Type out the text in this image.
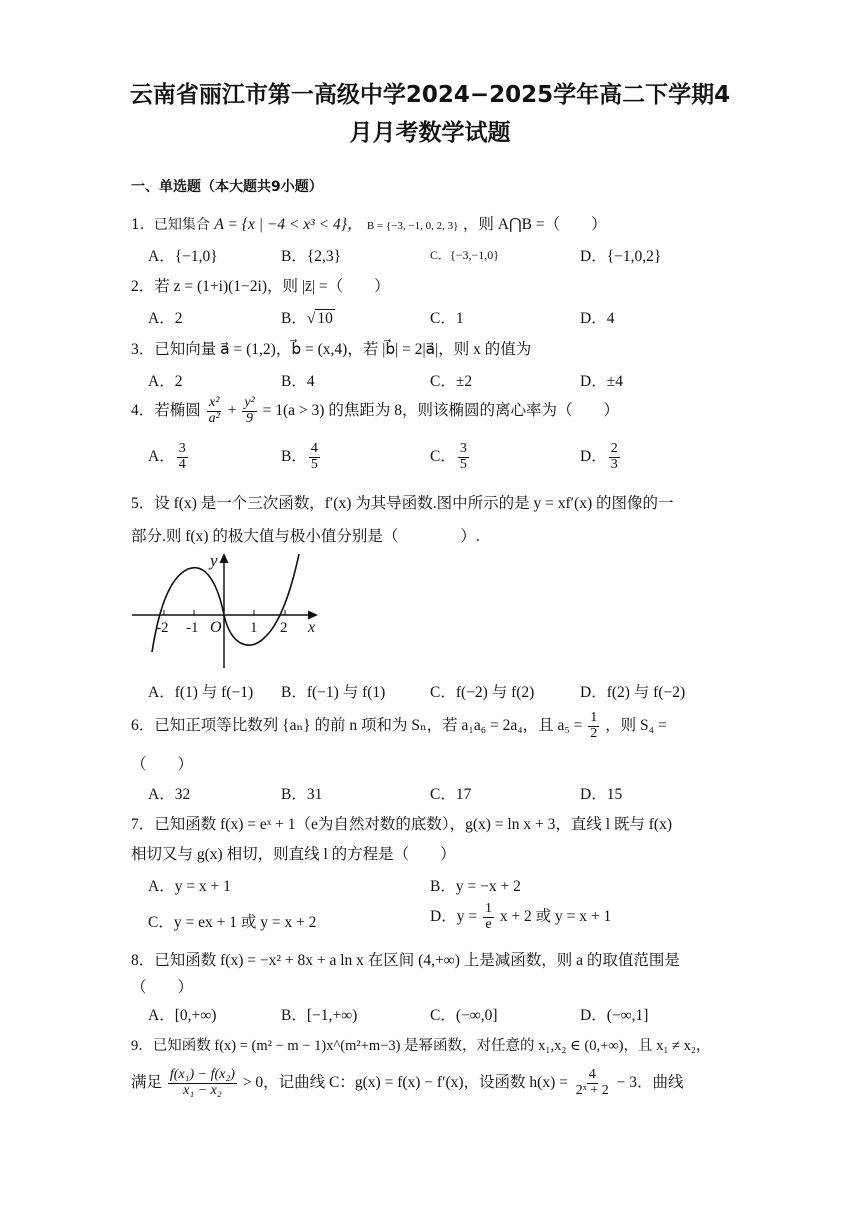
云南省丽江市第一高级中学2024−2025学年高二下学期4
月月考数学试题
一、单选题（本大题共9小题）
1．已知集合 A = {x | −4 < x³ < 4}， B = {−3, −1, 0, 2, 3} ，则 A⋂B =（　　）
A．{−1,0}	B．{2,3}	C．{−3,−1,0}	D．{−1,0,2}
2．若 z = (1+i)(1−2i)，则 |z̄| =（　　）
A．2	B．√ 10	C．1	D．4
3．已知向量 a⃗ = (1,2)，b⃗ = (x,4)，若 |b⃗| = 2|a⃗|，则 x 的值为
A．2	B．4	C．±2	D．±4
4．若椭圆 $\frac{\text{x²}}{\text{a²}} + \frac{\text{y²}}{9} = 1(a > 3)$ 的焦距为 8，则该椭圆的离心率为（　　）
A． $\frac{3}{4}$	B． $\frac{4}{5}$	C． $\frac{3}{5}$	D． $\frac{2}{3}$
5．设 f(x) 是一个三次函数，f′(x) 为其导函数.图中所示的是 y = xf′(x) 的图像的一
部分.则 f(x) 的极大值与极小值分别是（　　　　）.
y
x
O
-2 -1	1 2
A．f(1) 与 f(−1) B．f(−1) 与 f(1)	C．f(−2) 与 f(2)	D．f(2) 与 f(−2)
6．已知正项等比数列 {aₙ} 的前 n 项和为 Sₙ，若 a₁a₆ = 2a₄，且 $a_5 = \frac{1}{2}$ ，则 S₄ =
（　　）
A．32	B．31	C．17	D．15
7．已知函数 f(x) = eˣ + 1（e为自然对数的底数），g(x) = ln x + 3，直线 l 既与 f(x)
相切又与 g(x) 相切，则直线 l 的方程是（　　）
A．y = x + 1	B．y = −x + 2
C．y = ex + 1 或 y = x + 2	D．$y = \frac{1}{e}$ x + 2 或 y = x + 1
8．已知函数 f(x) = −x² + 8x + a ln x 在区间 (4,+∞) 上是减函数，则 a 的取值范围是
（　　）
A．[0,+∞)	B．[−1,+∞)	C．(−∞,0]	D．(−∞,1]
9．已知函数 f(x) = (m² − m − 1)x^(m²+m−3) 是幂函数，对任意的 x₁,x₂ ∈ (0,+∞)，且 x₁ ≠ x₂，
满足 $\frac{\text{f(x₁) − f(x₂)}}{\text{x₁ − x₂}} > 0$，记曲线 C：g(x) = f(x) − f′(x)，设函数 $h(x) = \frac{4}{\text{2ˣ + 2}} - 3$．曲线
